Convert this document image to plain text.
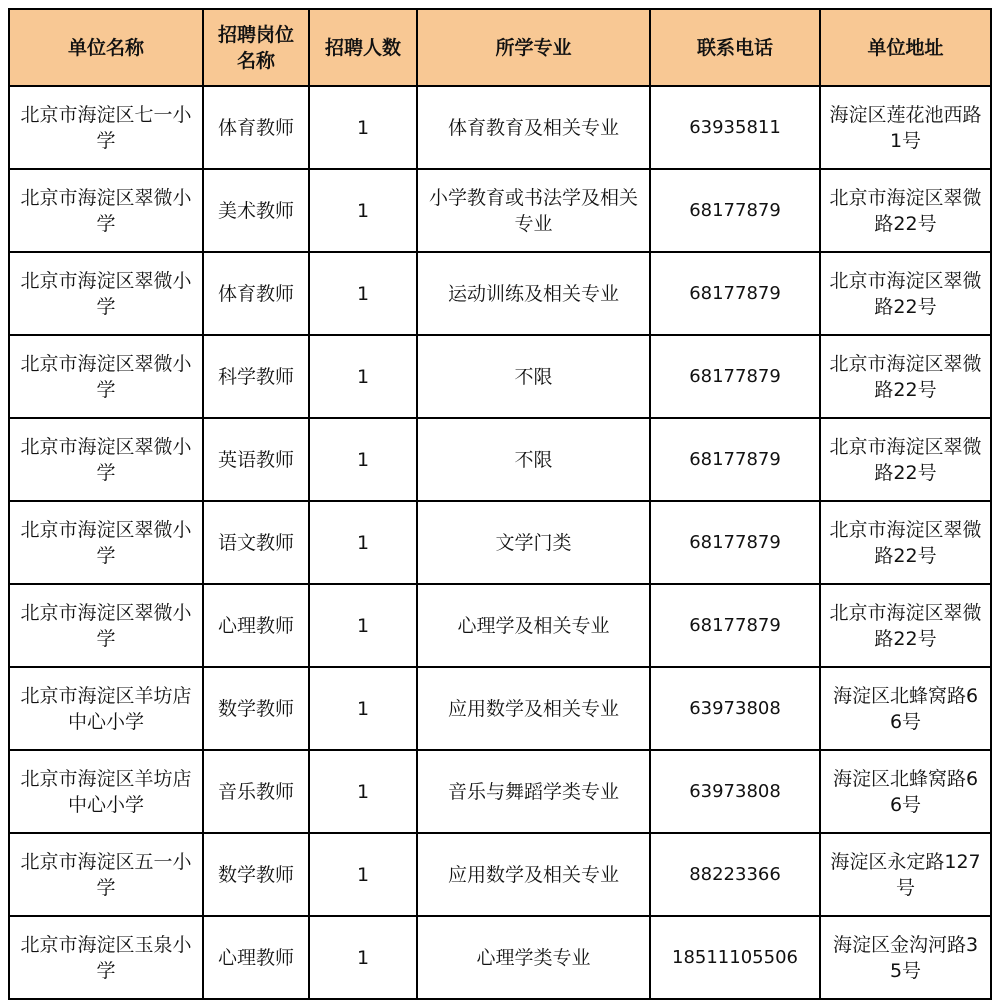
单位名称	招聘岗位名称	招聘人数	所学专业	联系电话	单位地址
北京市海淀区七一小学	体育教师	1	体育教育及相关专业	63935811	海淀区莲花池西路1号
北京市海淀区翠微小学	美术教师	1	小学教育或书法学及相关专业	68177879	北京市海淀区翠微路22号
北京市海淀区翠微小学	体育教师	1	运动训练及相关专业	68177879	北京市海淀区翠微路22号
北京市海淀区翠微小学	科学教师	1	不限	68177879	北京市海淀区翠微路22号
北京市海淀区翠微小学	英语教师	1	不限	68177879	北京市海淀区翠微路22号
北京市海淀区翠微小学	语文教师	1	文学门类	68177879	北京市海淀区翠微路22号
北京市海淀区翠微小学	心理教师	1	心理学及相关专业	68177879	北京市海淀区翠微路22号
北京市海淀区羊坊店中心小学	数学教师	1	应用数学及相关专业	63973808	海淀区北蜂窝路66号
北京市海淀区羊坊店中心小学	音乐教师	1	音乐与舞蹈学类专业	63973808	海淀区北蜂窝路66号
北京市海淀区五一小学	数学教师	1	应用数学及相关专业	88223366	海淀区永定路127号
北京市海淀区玉泉小学	心理教师	1	心理学类专业	18511105506	海淀区金沟河路35号
